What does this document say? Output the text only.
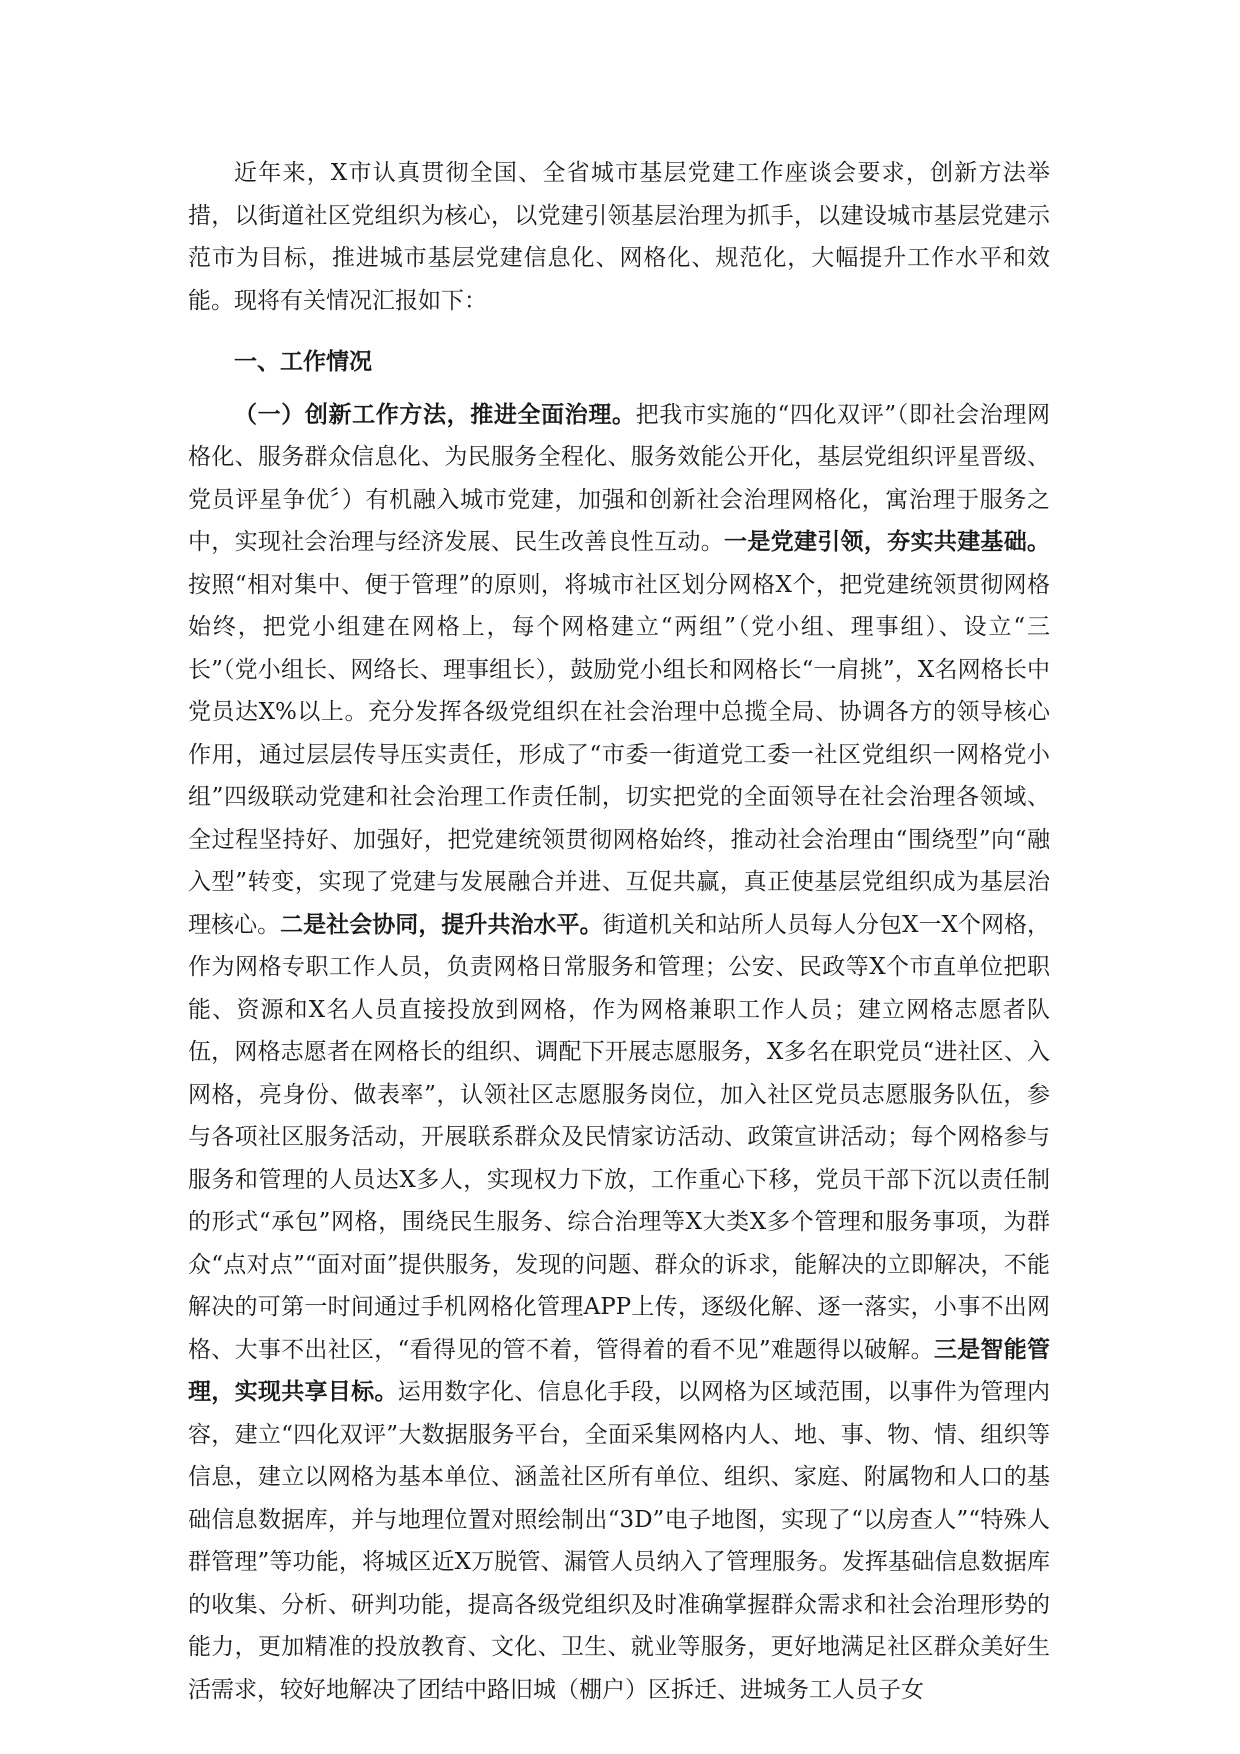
近年来，X市认真贯彻全国、全省城市基层党建工作座谈会要求，创新方法举措，以街道社区党组织为核心，以党建引领基层治理为抓手，以建设城市基层党建示范市为目标，推进城市基层党建信息化、网格化、规范化，大幅提升工作水平和效能。现将有关情况汇报如下：

一、工作情况

（一）创新工作方法，推进全面治理。把我市实施的“四化双评”（即社会治理网格化、服务群众信息化、为民服务全程化、服务效能公开化，基层党组织评星晋级、党员评星争优〞）有机融入城市党建，加强和创新社会治理网格化，寓治理于服务之中，实现社会治理与经济发展、民生改善良性互动。一是党建引领，夯实共建基础。按照“相对集中、便于管理”的原则，将城市社区划分网格X个，把党建统领贯彻网格始终，把党小组建在网格上，每个网格建立“两组”（党小组、理事组）、设立“三长”（党小组长、网络长、理事组长），鼓励党小组长和网格长“一肩挑”，X名网格长中党员达X%以上。充分发挥各级党组织在社会治理中总揽全局、协调各方的领导核心作用，通过层层传导压实责任，形成了“市委一街道党工委一社区党组织一网格党小组”四级联动党建和社会治理工作责任制，切实把党的全面领导在社会治理各领域、全过程坚持好、加强好，把党建统领贯彻网格始终，推动社会治理由“围绕型”向“融入型”转变，实现了党建与发展融合并进、互促共赢，真正使基层党组织成为基层治理核心。二是社会协同，提升共治水平。街道机关和站所人员每人分包X一X个网格，作为网格专职工作人员，负责网格日常服务和管理；公安、民政等X个市直单位把职能、资源和X名人员直接投放到网格，作为网格兼职工作人员；建立网格志愿者队伍，网格志愿者在网格长的组织、调配下开展志愿服务，X多名在职党员“进社区、入网格，亮身份、做表率”，认领社区志愿服务岗位，加入社区党员志愿服务队伍，参与各项社区服务活动，开展联系群众及民情家访活动、政策宣讲活动；每个网格参与服务和管理的人员达X多人，实现权力下放，工作重心下移，党员干部下沉以责任制的形式“承包”网格，围绕民生服务、综合治理等X大类X多个管理和服务事项，为群众“点对点”“面对面”提供服务，发现的问题、群众的诉求，能解决的立即解决，不能解决的可第一时间通过手机网格化管理APP上传，逐级化解、逐一落实，小事不出网格、大事不出社区，“看得见的管不着，管得着的看不见”难题得以破解。三是智能管理，实现共享目标。运用数字化、信息化手段，以网格为区域范围，以事件为管理内容，建立“四化双评”大数据服务平台，全面采集网格内人、地、事、物、情、组织等信息，建立以网格为基本单位、涵盖社区所有单位、组织、家庭、附属物和人口的基础信息数据库，并与地理位置对照绘制出“3D”电子地图，实现了“以房查人”“特殊人群管理”等功能，将城区近X万脱管、漏管人员纳入了管理服务。发挥基础信息数据库的收集、分析、研判功能，提高各级党组织及时准确掌握群众需求和社会治理形势的能力，更加精准的投放教育、文化、卫生、就业等服务，更好地满足社区群众美好生活需求，较好地解决了团结中路旧城（棚户）区拆迁、进城务工人员子女
